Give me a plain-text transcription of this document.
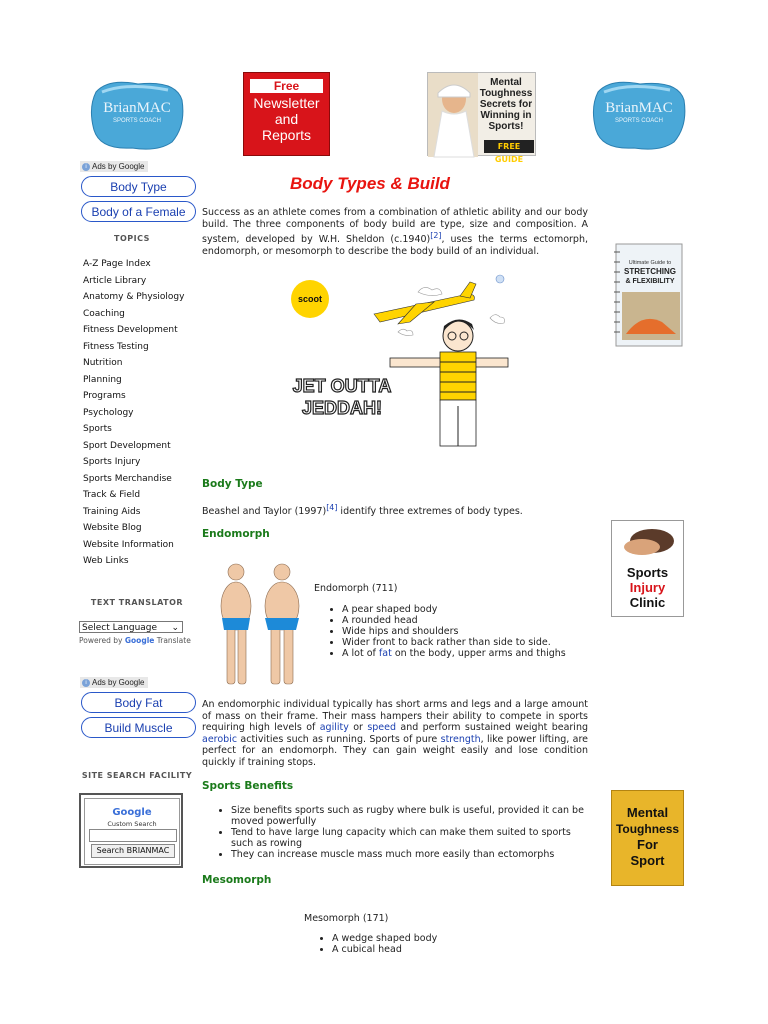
BrianMAC
SPORTS COACH
BrianMAC
SPORTS COACH
Free
Newsletter
and
Reports
Mental Toughness Secrets for Winning in Sports!
FREE GUIDE
i Ads by Google
Body Type
Body of a Female
TOPICS
A-Z Page Index
Article Library
Anatomy & Physiology
Coaching
Fitness Development
Fitness Testing
Nutrition
Planning
Programs
Psychology
Sports
Sport Development
Sports Injury
Sports Merchandise
Track & Field
Training Aids
Website Blog
Website Information
Web Links
TEXT TRANSLATOR
Select Language ⌄
Powered by Google Translate
i Ads by Google
Body Fat
Build Muscle
SITE SEARCH FACILITY
Google
Custom Search
Search BRIANMAC
Body Types & Build
Success as an athlete comes from a combination of athletic ability and our body build. The three components of body build are type, size and composition. A system, developed by W.H. Sheldon (c.1940)[2], uses the terms ectomorph, endomorph, or mesomorph to describe the body build of an individual.
scoot
JET OUTTA
JEDDAH!
Body Type
Beashel and Taylor (1997)[4] identify three extremes of body types.
Endomorph
Endomorph (711)
• A pear shaped body
• A rounded head
• Wide hips and shoulders
• Wider front to back rather than side to side.
• A lot of fat on the body, upper arms and thighs
An endomorphic individual typically has short arms and legs and a large amount of mass on their frame. Their mass hampers their ability to compete in sports requiring high levels of agility or speed and perform sustained weight bearing aerobic activities such as running. Sports of pure strength, like power lifting, are perfect for an endomorph. They can gain weight easily and lose condition quickly if training stops.
Sports Benefits
• Size benefits sports such as rugby where bulk is useful, provided it can be moved powerfully
• Tend to have large lung capacity which can make them suited to sports such as rowing
• They can increase muscle mass much more easily than ectomorphs
Mesomorph
Mesomorph (171)
• A wedge shaped body
• A cubical head
Ultimate Guide to
STRETCHING
& FLEXIBILITY
Sports
Injury
Clinic
Mental
Toughness
For
Sport
